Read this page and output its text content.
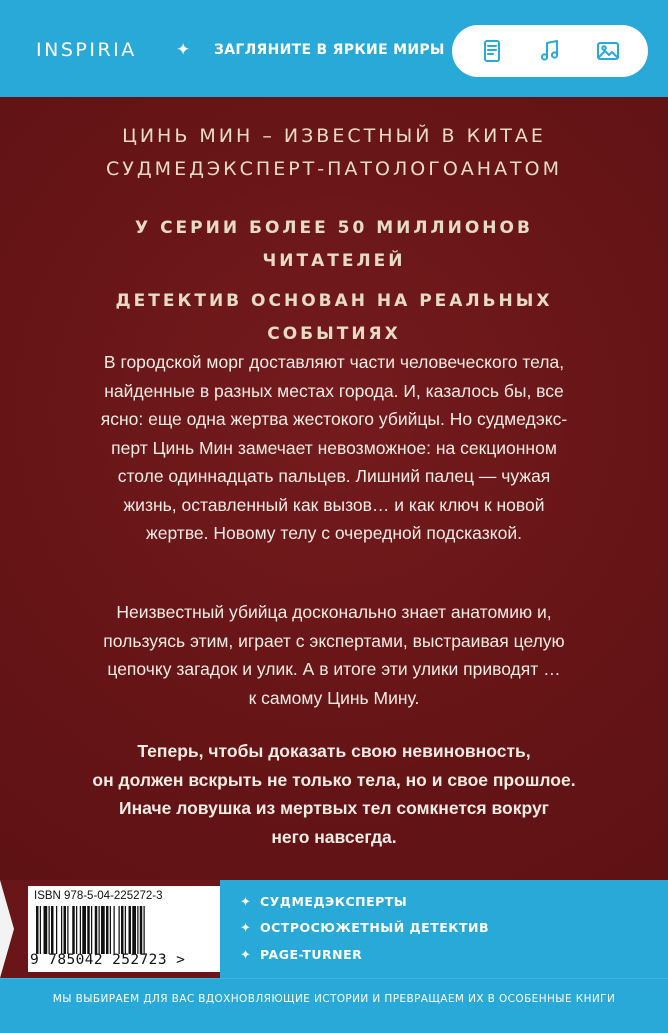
INSPIRIA ✦ ЗАГЛЯНИТЕ В ЯРКИЕ МИРЫ
ЦИНЬ МИН – ИЗВЕСТНЫЙ В КИТАЕ
СУДМЕДЭКСПЕРТ-ПАТОЛОГОАНАТОМ
У СЕРИИ БОЛЕЕ 50 МИЛЛИОНОВ
ЧИТАТЕЛЕЙ
ДЕТЕКТИВ ОСНОВАН НА РЕАЛЬНЫХ
СОБЫТИЯХ
В городской морг доставляют части человеческого тела,
найденные в разных местах города. И, казалось бы, все
ясно: еще одна жертва жестокого убийцы. Но судмедэкс-
перт Цинь Мин замечает невозможное: на секционном
столе одиннадцать пальцев. Лишний палец — чужая
жизнь, оставленный как вызов… и как ключ к новой
жертве. Новому телу с очередной подсказкой.
Неизвестный убийца досконально знает анатомию и,
пользуясь этим, играет с экспертами, выстраивая целую
цепочку загадок и улик. А в итоге эти улики приводят …
к самому Цинь Мину.
Теперь, чтобы доказать свою невиновность,
он должен вскрыть не только тела, но и свое прошлое.
Иначе ловушка из мертвых тел сомкнется вокруг
него навсегда.
ISBN 978-5-04-225272-3
9 785042 252723 >
✦ СУДМЕДЭКСПЕРТЫ
✦ ОСТРОСЮЖЕТНЫЙ ДЕТЕКТИВ
✦ PAGE-TURNER
МЫ ВЫБИРАЕМ ДЛЯ ВАС ВДОХНОВЛЯЮЩИЕ ИСТОРИИ И ПРЕВРАЩАЕМ ИХ В ОСОБЕННЫЕ КНИГИ
